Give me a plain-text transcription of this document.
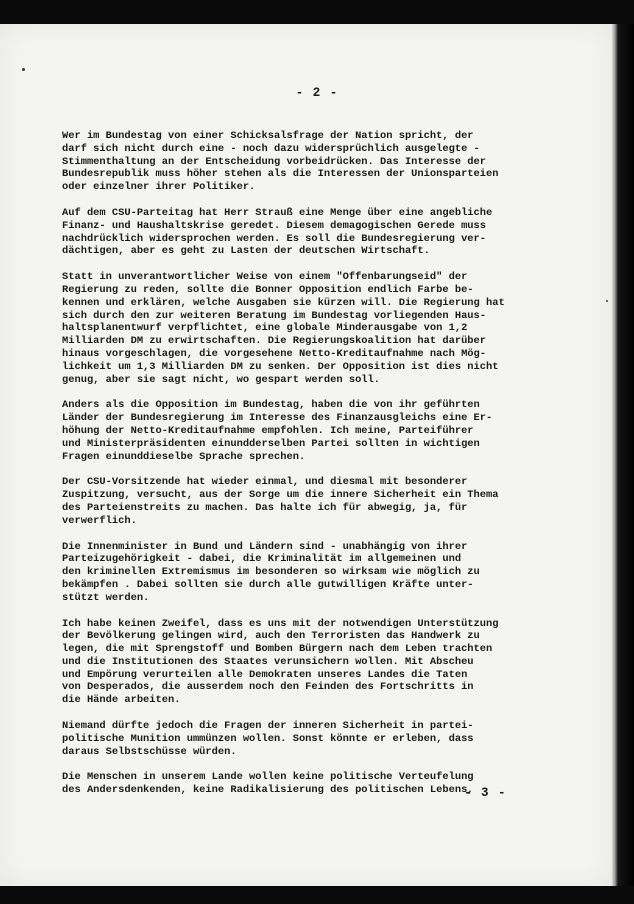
- 2 -

Wer im Bundestag von einer Schicksalsfrage der Nation spricht, der
darf sich nicht durch eine - noch dazu widersprüchlich ausgelegte -
Stimmenthaltung an der Entscheidung vorbeidrücken. Das Interesse der
Bundesrepublik muss höher stehen als die Interessen der Unionsparteien
oder einzelner ihrer Politiker.

Auf dem CSU-Parteitag hat Herr Strauß eine Menge über eine angebliche
Finanz- und Haushaltskrise geredet. Diesem demagogischen Gerede muss
nachdrücklich widersprochen werden. Es soll die Bundesregierung ver-
dächtigen, aber es geht zu Lasten der deutschen Wirtschaft.

Statt in unverantwortlicher Weise von einem "Offenbarungseid" der
Regierung zu reden, sollte die Bonner Opposition endlich Farbe be-
kennen und erklären, welche Ausgaben sie kürzen will. Die Regierung hat
sich durch den zur weiteren Beratung im Bundestag vorliegenden Haus-
haltsplanentwurf verpflichtet, eine globale Minderausgabe von 1,2
Milliarden DM zu erwirtschaften. Die Regierungskoalition hat darüber
hinaus vorgeschlagen, die vorgesehene Netto-Kreditaufnahme nach Mög-
lichkeit um 1,3 Milliarden DM zu senken. Der Opposition ist dies nicht
genug, aber sie sagt nicht, wo gespart werden soll.

Anders als die Opposition im Bundestag, haben die von ihr geführten
Länder der Bundesregierung im Interesse des Finanzausgleichs eine Er-
höhung der Netto-Kreditaufnahme empfohlen. Ich meine, Parteiführer
und Ministerpräsidenten einundderselben Partei sollten in wichtigen
Fragen einunddieselbe Sprache sprechen.

Der CSU-Vorsitzende hat wieder einmal, und diesmal mit besonderer
Zuspitzung, versucht, aus der Sorge um die innere Sicherheit ein Thema
des Parteienstreits zu machen. Das halte ich für abwegig, ja, für
verwerflich.

Die Innenminister in Bund und Ländern sind - unabhängig von ihrer
Parteizugehörigkeit - dabei, die Kriminalität im allgemeinen und
den kriminellen Extremismus im besonderen so wirksam wie möglich zu
bekämpfen . Dabei sollten sie durch alle gutwilligen Kräfte unter-
stützt werden.

Ich habe keinen Zweifel, dass es uns mit der notwendigen Unterstützung
der Bevölkerung gelingen wird, auch den Terroristen das Handwerk zu
legen, die mit Sprengstoff und Bomben Bürgern nach dem Leben trachten
und die Institutionen des Staates verunsichern wollen. Mit Abscheu
und Empörung verurteilen alle Demokraten unseres Landes die Taten
von Desperados, die ausserdem noch den Feinden des Fortschritts in
die Hände arbeiten.

Niemand dürfte jedoch die Fragen der inneren Sicherheit in partei-
politische Munition ummünzen wollen. Sonst könnte er erleben, dass
daraus Selbstschüsse würden.

Die Menschen in unserem Lande wollen keine politische Verteufelung
des Andersdenkenden, keine Radikalisierung des politischen Lebens,

- 3 -
